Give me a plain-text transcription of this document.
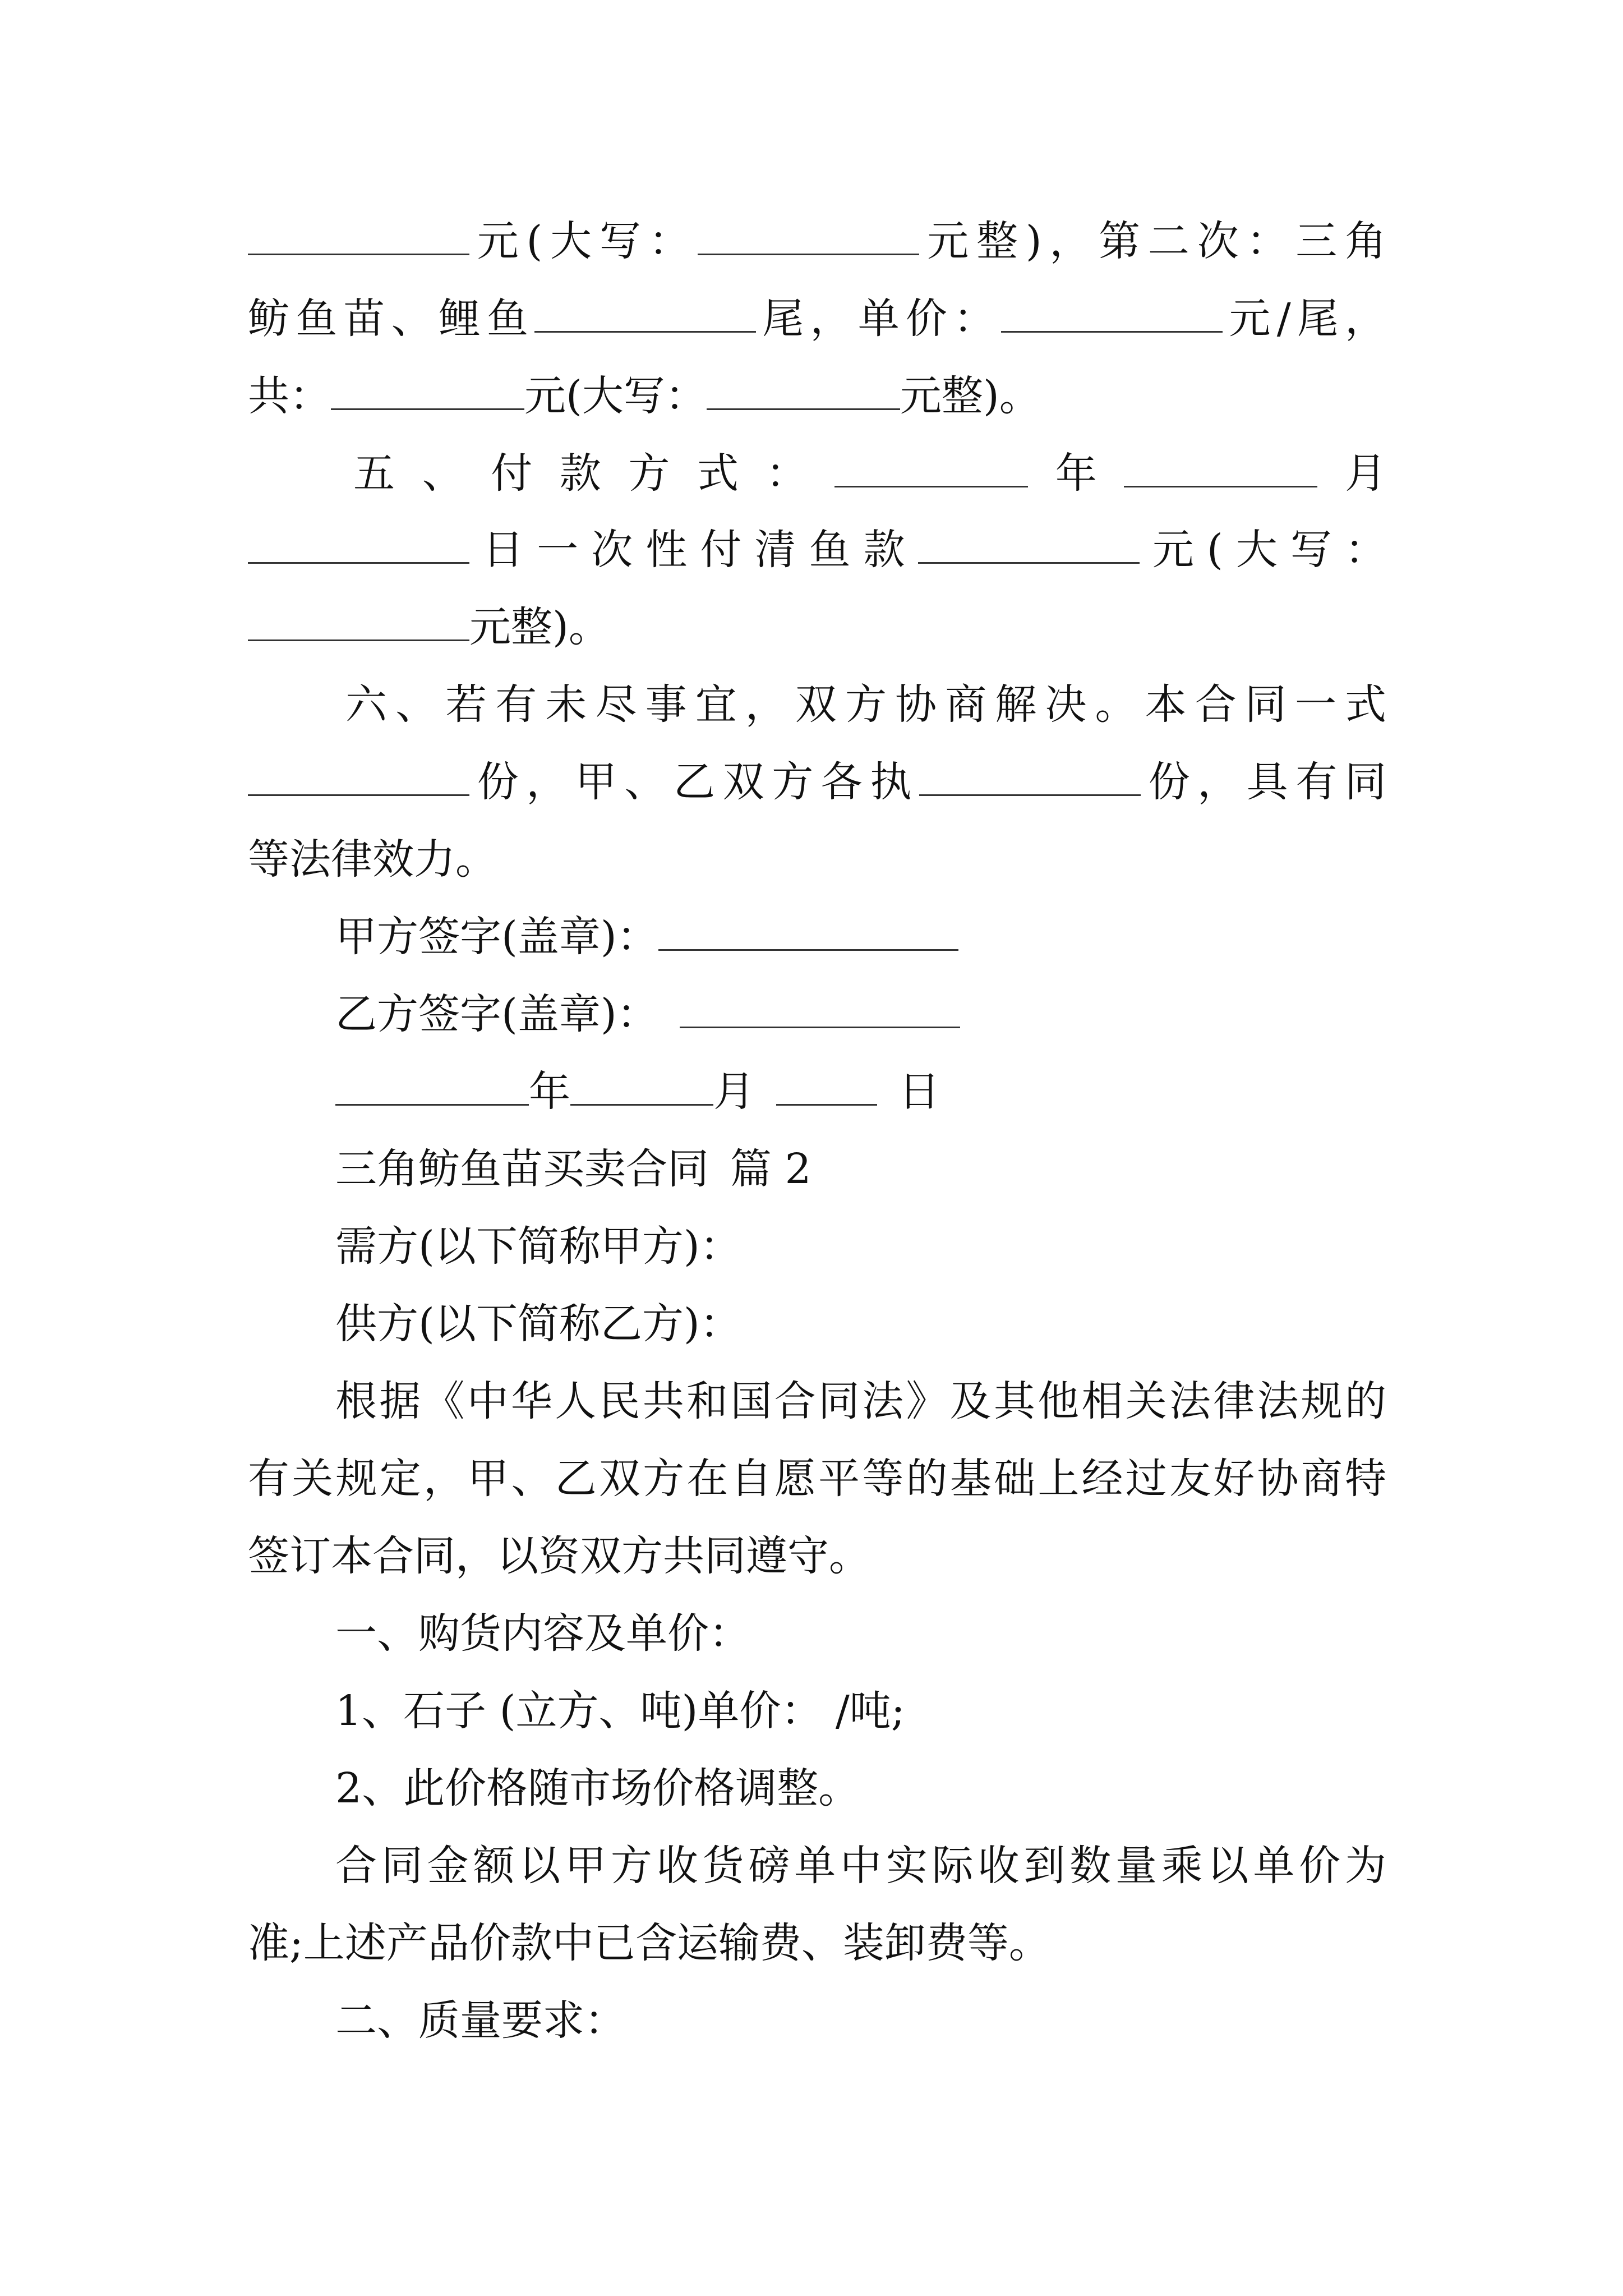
元(大写：	元整)，第二次：三角
鲂鱼苗、鲤鱼	尾，单价：	元/尾，
共：	元(大写：	元整)。
五、付款方式：	年	月
日一次性付清鱼款	元(大写：
元整)。
六、若有未尽事宜，双方协商解决。本合同一式
份，甲、乙双方各执	份，具有同
等法律效力。
甲方签字(盖章)：
乙方签字(盖章)：
年	月	日
三角鲂鱼苗买卖合同 篇 2
需方(以下简称甲方)：
供方(以下简称乙方)：
根据《中华人民共和国合同法》及其他相关法律法规的
有关规定，甲、乙双方在自愿平等的基础上经过友好协商特
签订本合同，以资双方共同遵守。
一、购货内容及单价：
1、石子 (立方、吨)单价： /吨;
2、此价格随市场价格调整。
合同金额以甲方收货磅单中实际收到数量乘以单价为
准;上述产品价款中已含运输费、装卸费等。
二、质量要求：
